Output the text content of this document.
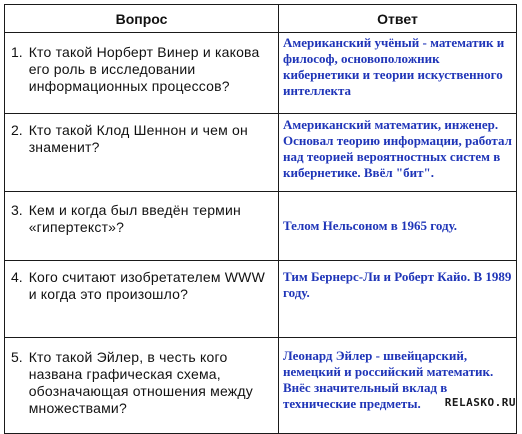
Вопрос	Ответ

1. Кто такой Норберт Винер и какова его роль в исследовании информационных процессов?	Американский учёный - математик и философ, основоположник кибернетики и теории искуственного интеллекта

2. Кто такой Клод Шеннон и чем он знаменит?	Американский математик, инженер. Основал теорию информации, работал над теорией вероятностных систем в кибернетике. Ввёл "бит".

3. Кем и когда был введён термин «гипертекст»?	Телом Нельсоном в 1965 году.

4. Кого считают изобретателем WWW и когда это произошло?	Тим Бернерс-Ли и Роберт Кайо. В 1989 году.

5. Кто такой Эйлер, в честь кого названа графическая схема, обозначающая отношения между множествами?	Леонард Эйлер - швейцарский, немецкий и российский математик. Внёс значительный вклад в технические предметы.	RELASKO.RU
